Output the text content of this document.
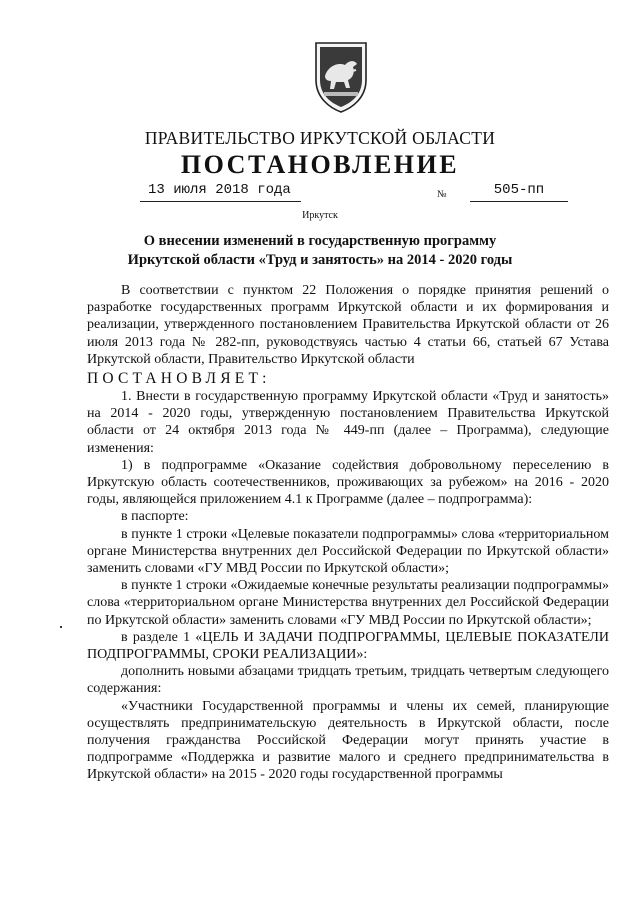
ПРАВИТЕЛЬСТВО ИРКУТСКОЙ ОБЛАСТИ
ПОСТАНОВЛЕНИЕ
13 июля 2018 года	№	505-пп
Иркутск
О внесении изменений в государственную программу
Иркутской области «Труд и занятость» на 2014 - 2020 годы

В соответствии с пунктом 22 Положения о порядке принятия решений о разработке государственных программ Иркутской области и их формирования и реализации, утвержденного постановлением Правительства Иркутской области от 26 июля 2013 года № 282-пп, руководствуясь частью 4 статьи 66, статьей 67 Устава Иркутской области, Правительство Иркутской области

ПОСТАНОВЛЯЕТ:

1. Внести в государственную программу Иркутской области «Труд и занятость» на 2014 - 2020 годы, утвержденную постановлением Правительства Иркутской области от 24 октября 2013 года № 449-пп (далее – Программа), следующие изменения:

1) в подпрограмме «Оказание содействия добровольному переселению в Иркутскую область соотечественников, проживающих за рубежом» на 2016 - 2020 годы, являющейся приложением 4.1 к Программе (далее – подпрограмма):

в паспорте:

в пункте 1 строки «Целевые показатели подпрограммы» слова «территориальном органе Министерства внутренних дел Российской Федерации по Иркутской области» заменить словами «ГУ МВД России по Иркутской области»;

в пункте 1 строки «Ожидаемые конечные результаты реализации подпрограммы» слова «территориальном органе Министерства внутренних дел Российской Федерации по Иркутской области» заменить словами «ГУ МВД России по Иркутской области»;

в разделе 1 «ЦЕЛЬ И ЗАДАЧИ ПОДПРОГРАММЫ, ЦЕЛЕВЫЕ ПОКАЗАТЕЛИ ПОДПРОГРАММЫ, СРОКИ РЕАЛИЗАЦИИ»:

дополнить новыми абзацами тридцать третьим, тридцать четвертым следующего содержания:

«Участники Государственной программы и члены их семей, планирующие осуществлять предпринимательскую деятельность в Иркутской области, после получения гражданства Российской Федерации могут принять участие в подпрограмме «Поддержка и развитие малого и среднего предпринимательства в Иркутской области» на 2015 - 2020 годы государственной программы
